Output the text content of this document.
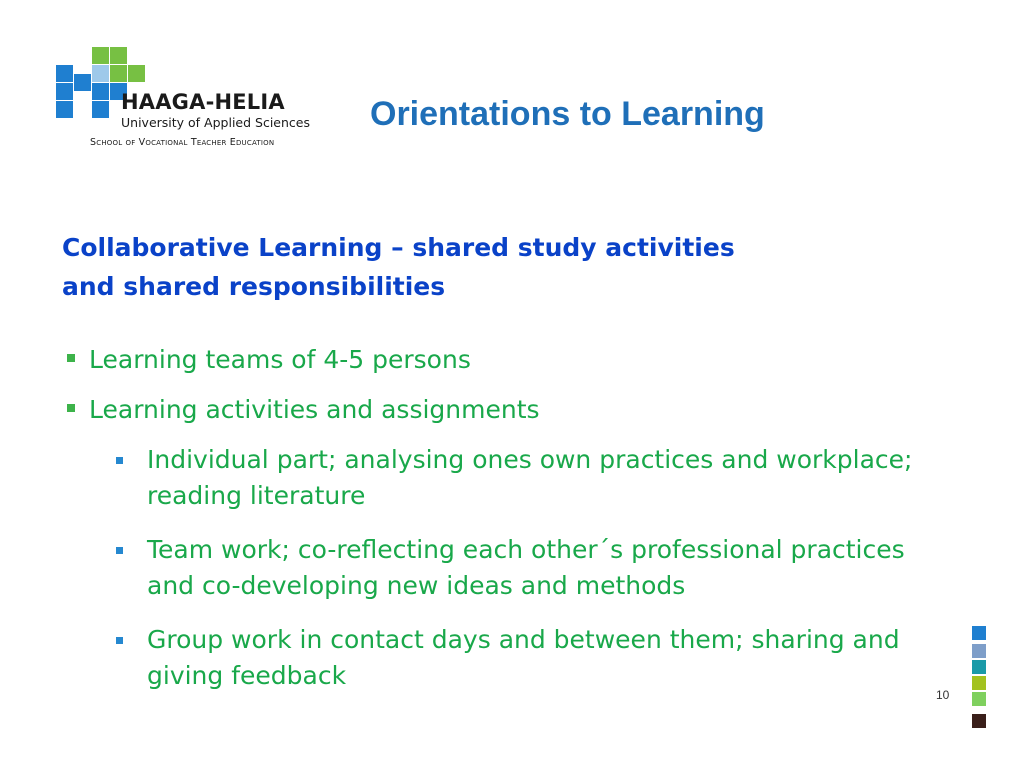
HAAGA-HELIA
University of Applied Sciences
School of Vocational Teacher Education
Orientations to Learning
Collaborative Learning – shared study activities
and shared responsibilities
Learning teams of 4-5 persons
Learning activities and assignments
Individual part; analysing ones own practices and workplace; reading literature
Team work; co-reflecting each other´s professional practices and co-developing new ideas and methods
Group work in contact days and between them; sharing and giving feedback
10
